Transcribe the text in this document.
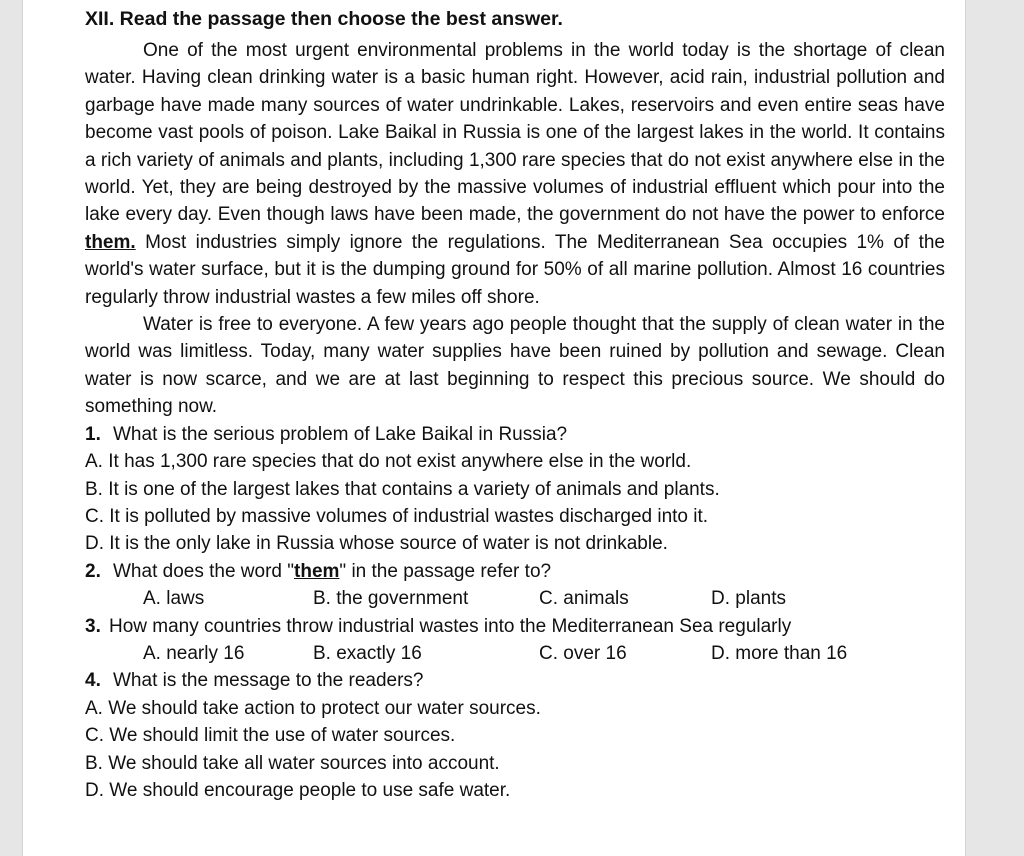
XII. Read the passage then choose the best answer.

One of the most urgent environmental problems in the world today is the shortage of clean water. Having clean drinking water is a basic human right. However, acid rain, industrial pollution and garbage have made many sources of water undrinkable. Lakes, reservoirs and even entire seas have become vast pools of poison. Lake Baikal in Russia is one of the largest lakes in the world. It contains a rich variety of animals and plants, including 1,300 rare species that do not exist anywhere else in the world. Yet, they are being destroyed by the massive volumes of industrial effluent which pour into the lake every day. Even though laws have been made, the government do not have the power to enforce them. Most industries simply ignore the regulations. The Mediterranean Sea occupies 1% of the world's water surface, but it is the dumping ground for 50% of all marine pollution. Almost 16 countries regularly throw industrial wastes a few miles off shore.

Water is free to everyone. A few years ago people thought that the supply of clean water in the world was limitless. Today, many water supplies have been ruined by pollution and sewage. Clean water is now scarce, and we are at last beginning to respect this precious source. We should do something now.

1. What is the serious problem of Lake Baikal in Russia?

A. It has 1,300 rare species that do not exist anywhere else in the world.

B. It is one of the largest lakes that contains a variety of animals and plants.

C. It is polluted by massive volumes of industrial wastes discharged into it.

D. It is the only lake in Russia whose source of water is not drinkable.

2. What does the word "them" in the passage refer to?

A. laws	B. the government	C. animals	D. plants

3. How many countries throw industrial wastes into the Mediterranean Sea regularly

A. nearly 16	B. exactly 16	C. over 16	D. more than 16

4. What is the message to the readers?

A. We should take action to protect our water sources.

C. We should limit the use of water sources.

B. We should take all water sources into account.

D. We should encourage people to use safe water.
